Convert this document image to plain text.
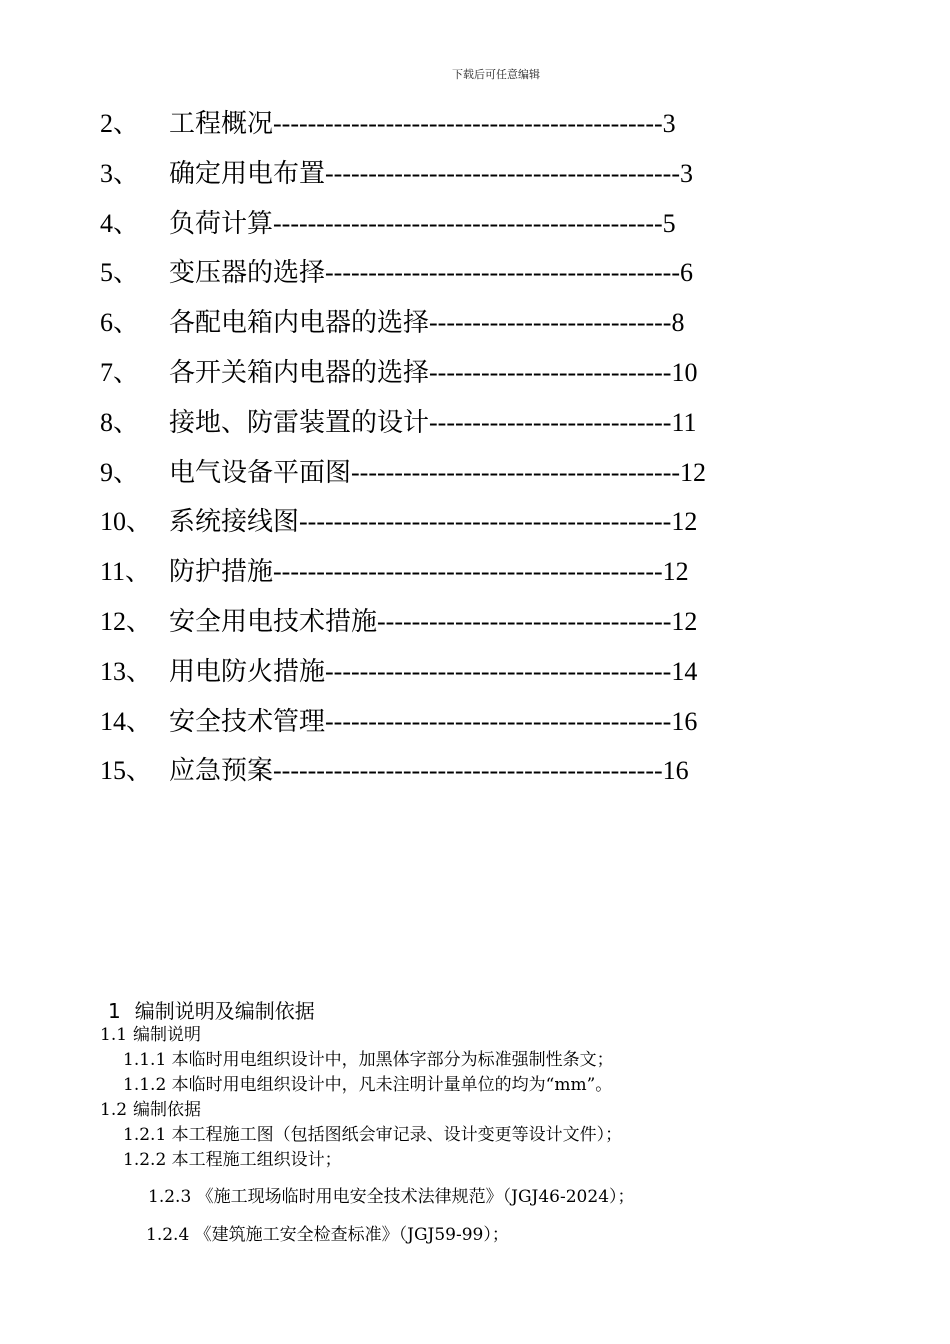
下载后可任意编辑
2、 工程概况---------------------------------------------3
3、 确定用电布置-----------------------------------------3
4、 负荷计算---------------------------------------------5
5、 变压器的选择-----------------------------------------6
6、 各配电箱内电器的选择----------------------------8
7、 各开关箱内电器的选择----------------------------10
8、 接地、防雷装置的设计----------------------------11
9、 电气设备平面图--------------------------------------12
10、 系统接线图-------------------------------------------12
11、 防护措施---------------------------------------------12
12、 安全用电技术措施----------------------------------12
13、 用电防火措施----------------------------------------14
14、 安全技术管理----------------------------------------16
15、 应急预案---------------------------------------------16
1 编制说明及编制依据
1.1 编制说明
1.1.1 本临时用电组织设计中，加黑体字部分为标准强制性条文；
1.1.2 本临时用电组织设计中，凡未注明计量单位的均为“mm”。
1.2 编制依据
1.2.1 本工程施工图（包括图纸会审记录、设计变更等设计文件）；
1.2.2 本工程施工组织设计；
1.2.3 《施工现场临时用电安全技术法律规范》（JGJ46-2024）；
1.2.4 《建筑施工安全检查标准》（JGJ59-99）；
